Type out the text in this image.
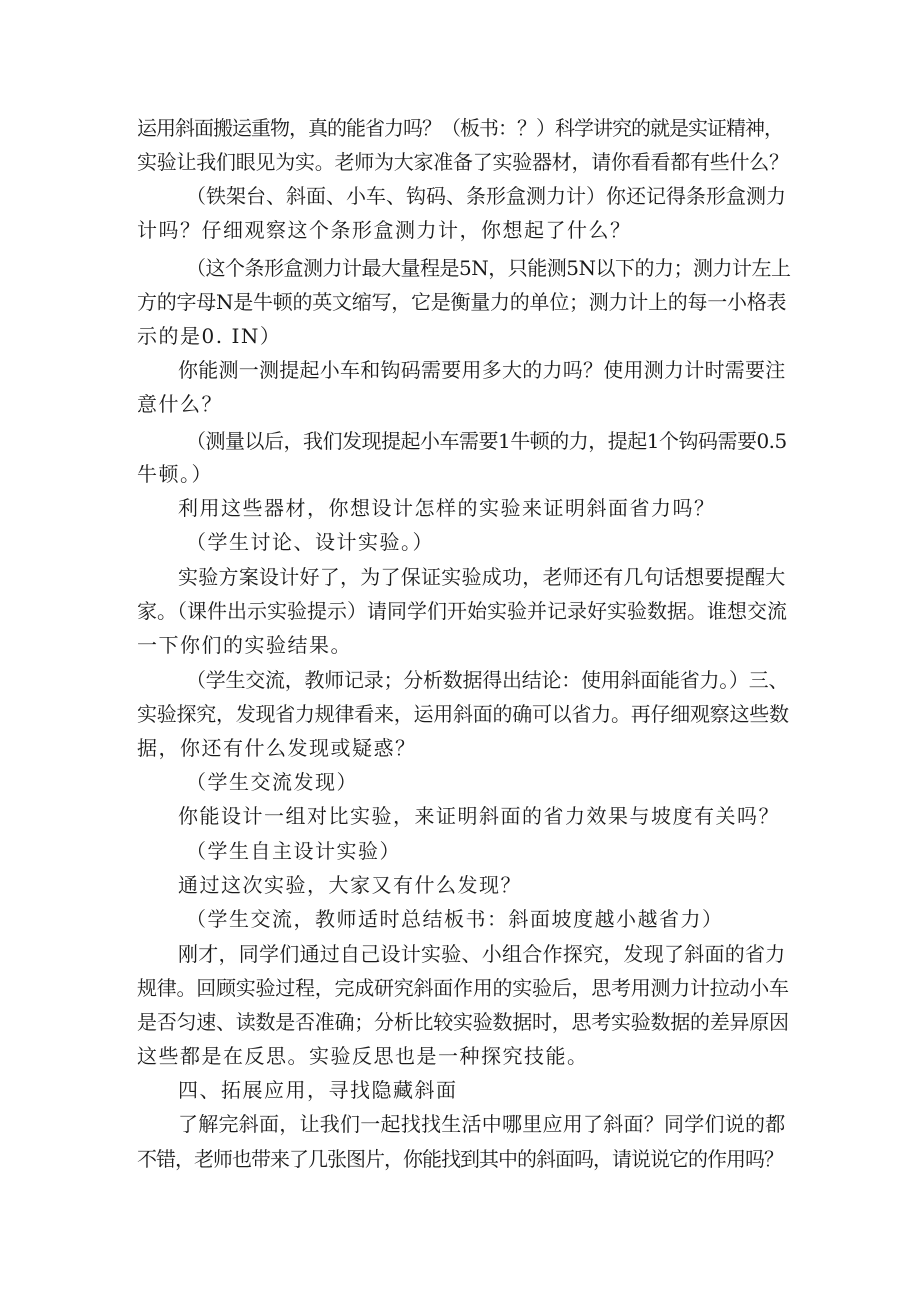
运用斜面搬运重物，真的能省力吗？（板书：？）科学讲究的就是实证精神，
实验让我们眼见为实。老师为大家准备了实验器材，请你看看都有些什么？
（铁架台、斜面、小车、钩码、条形盒测力计）你还记得条形盒测力
计吗？仔细观察这个条形盒测力计，你想起了什么？
（这个条形盒测力计最大量程是5N，只能测5N以下的力；测力计左上
方的字母N是牛顿的英文缩写，它是衡量力的单位；测力计上的每一小格表
示的是0. IN）
你能测一测提起小车和钩码需要用多大的力吗？使用测力计时需要注
意什么？
（测量以后，我们发现提起小车需要1牛顿的力，提起1个钩码需要0.5
牛顿。）
利用这些器材，你想设计怎样的实验来证明斜面省力吗？
（学生讨论、设计实验。）
实验方案设计好了，为了保证实验成功，老师还有几句话想要提醒大
家。（课件出示实验提示）请同学们开始实验并记录好实验数据。谁想交流
一下你们的实验结果。
（学生交流，教师记录；分析数据得出结论：使用斜面能省力。）三、
实验探究，发现省力规律看来，运用斜面的确可以省力。再仔细观察这些数
据，你还有什么发现或疑惑？
（学生交流发现）
你能设计一组对比实验，来证明斜面的省力效果与坡度有关吗？
（学生自主设计实验）
通过这次实验，大家又有什么发现？
（学生交流，教师适时总结板书：斜面坡度越小越省力）
刚才，同学们通过自己设计实验、小组合作探究，发现了斜面的省力
规律。回顾实验过程，完成研究斜面作用的实验后，思考用测力计拉动小车
是否匀速、读数是否准确；分析比较实验数据时，思考实验数据的差异原因
这些都是在反思。实验反思也是一种探究技能。
四、拓展应用，寻找隐藏斜面
了解完斜面，让我们一起找找生活中哪里应用了斜面？同学们说的都
不错，老师也带来了几张图片，你能找到其中的斜面吗，请说说它的作用吗？
